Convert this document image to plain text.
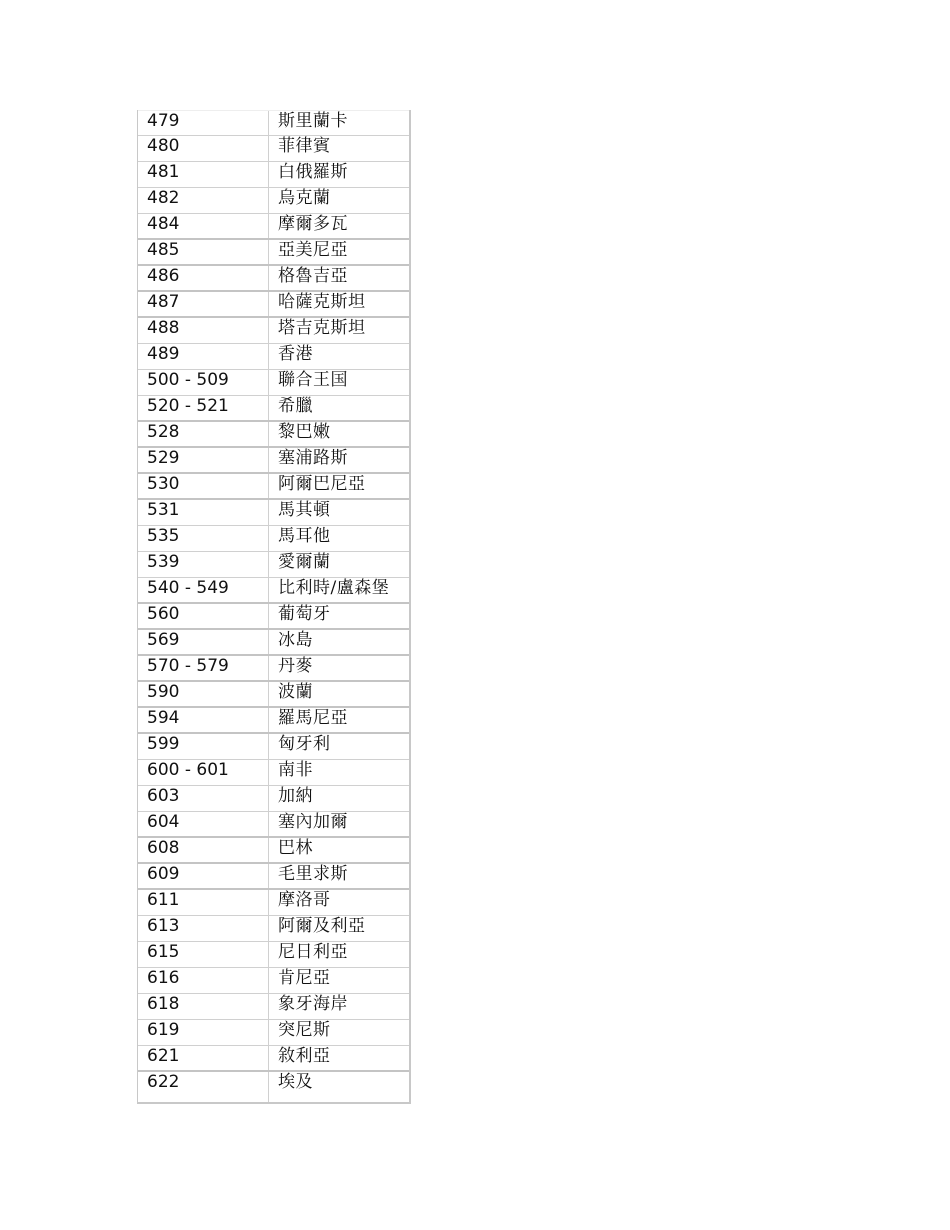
479	斯里蘭卡
480	菲律賓
481	白俄羅斯
482	烏克蘭
484	摩爾多瓦
485	亞美尼亞
486	格魯吉亞
487	哈薩克斯坦
488	塔吉克斯坦
489	香港
500 - 509	聯合王国
520 - 521	希臘
528	黎巴嫩
529	塞浦路斯
530	阿爾巴尼亞
531	馬其頓
535	馬耳他
539	愛爾蘭
540 - 549	比利時/盧森堡
560	葡萄牙
569	冰島
570 - 579	丹麥
590	波蘭
594	羅馬尼亞
599	匈牙利
600 - 601	南非
603	加納
604	塞內加爾
608	巴林
609	毛里求斯
611	摩洛哥
613	阿爾及利亞
615	尼日利亞
616	肯尼亞
618	象牙海岸
619	突尼斯
621	敘利亞
622	埃及
